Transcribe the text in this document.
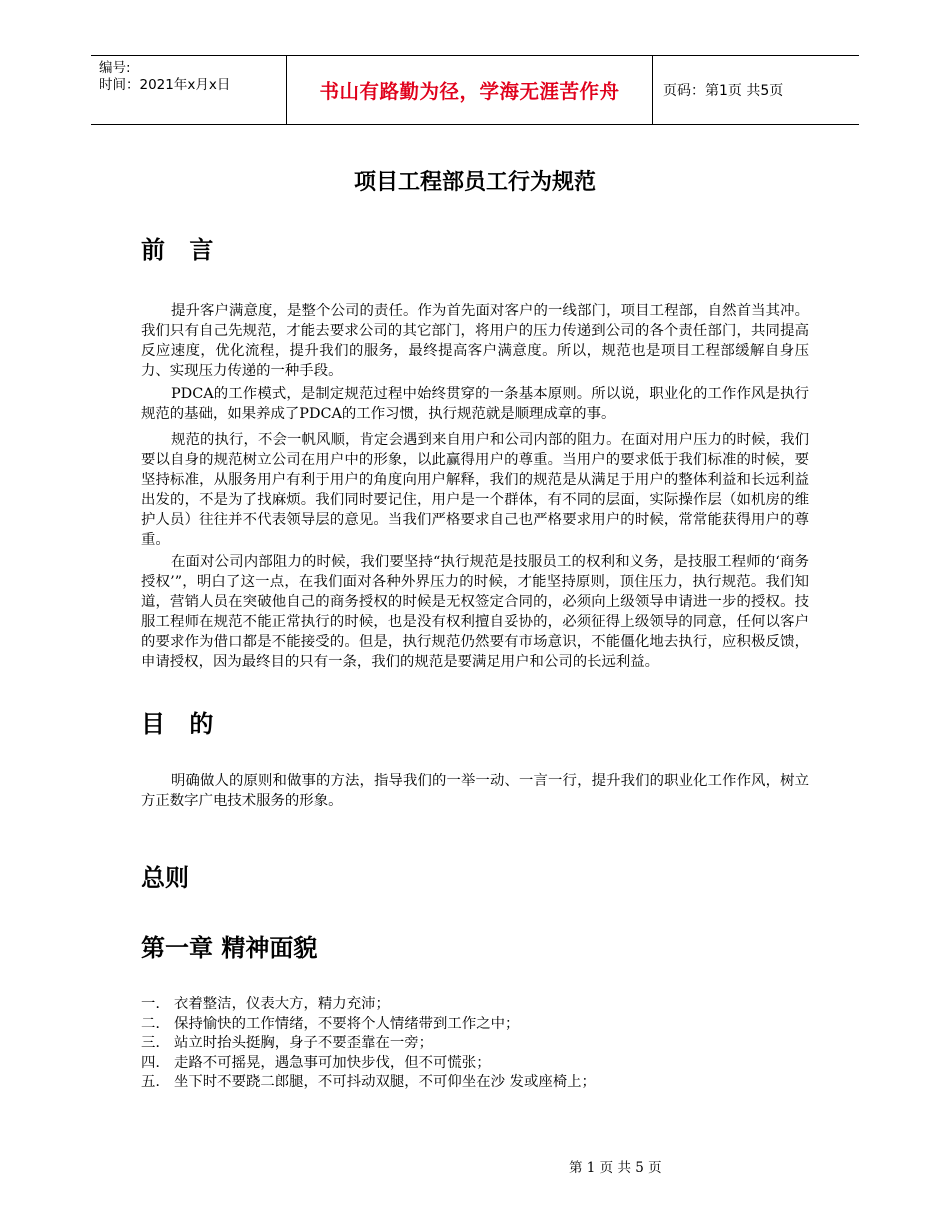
编号:
时间：2021年x月x日	书山有路勤为径，学海无涯苦作舟	页码：第1页 共5页
项目工程部员工行为规范
前 言

提升客户满意度，是整个公司的责任。作为首先面对客户的一线部门，项目工程部，自然首当其冲。我们只有自己先规范，才能去要求公司的其它部门，将用户的压力传递到公司的各个责任部门，共同提高反应速度，优化流程，提升我们的服务，最终提高客户满意度。所以，规范也是项目工程部缓解自身压力、实现压力传递的一种手段。

PDCA的工作模式，是制定规范过程中始终贯穿的一条基本原则。所以说，职业化的工作作风是执行规范的基础，如果养成了PDCA的工作习惯，执行规范就是顺理成章的事。

规范的执行，不会一帆风顺，肯定会遇到来自用户和公司内部的阻力。在面对用户压力的时候，我们要以自身的规范树立公司在用户中的形象，以此赢得用户的尊重。当用户的要求低于我们标准的时候，要坚持标准，从服务用户有利于用户的角度向用户解释，我们的规范是从满足于用户的整体利益和长远利益出发的，不是为了找麻烦。我们同时要记住，用户是一个群体，有不同的层面，实际操作层（如机房的维护人员）往往并不代表领导层的意见。当我们严格要求自己也严格要求用户的时候，常常能获得用户的尊重。

在面对公司内部阻力的时候，我们要坚持“执行规范是技服员工的权利和义务，是技服工程师的‘商务授权’”，明白了这一点，在我们面对各种外界压力的时候，才能坚持原则，顶住压力，执行规范。我们知道，营销人员在突破他自己的商务授权的时候是无权签定合同的，必须向上级领导申请进一步的授权。技服工程师在规范不能正常执行的时候，也是没有权利擅自妥协的，必须征得上级领导的同意，任何以客户的要求作为借口都是不能接受的。但是，执行规范仍然要有市场意识，不能僵化地去执行，应积极反馈，申请授权，因为最终目的只有一条，我们的规范是要满足用户和公司的长远利益。

目 的

明确做人的原则和做事的方法，指导我们的一举一动、一言一行，提升我们的职业化工作作风，树立方正数字广电技术服务的形象。

总则
第一章 精神面貌
一. 衣着整洁，仪表大方，精力充沛；
二. 保持愉快的工作情绪，不要将个人情绪带到工作之中；
三. 站立时抬头挺胸，身子不要歪靠在一旁；
四. 走路不可摇晃，遇急事可加快步伐，但不可慌张；
五. 坐下时不要跷二郎腿，不可抖动双腿，不可仰坐在沙 发或座椅上；
第 1 页 共 5 页
